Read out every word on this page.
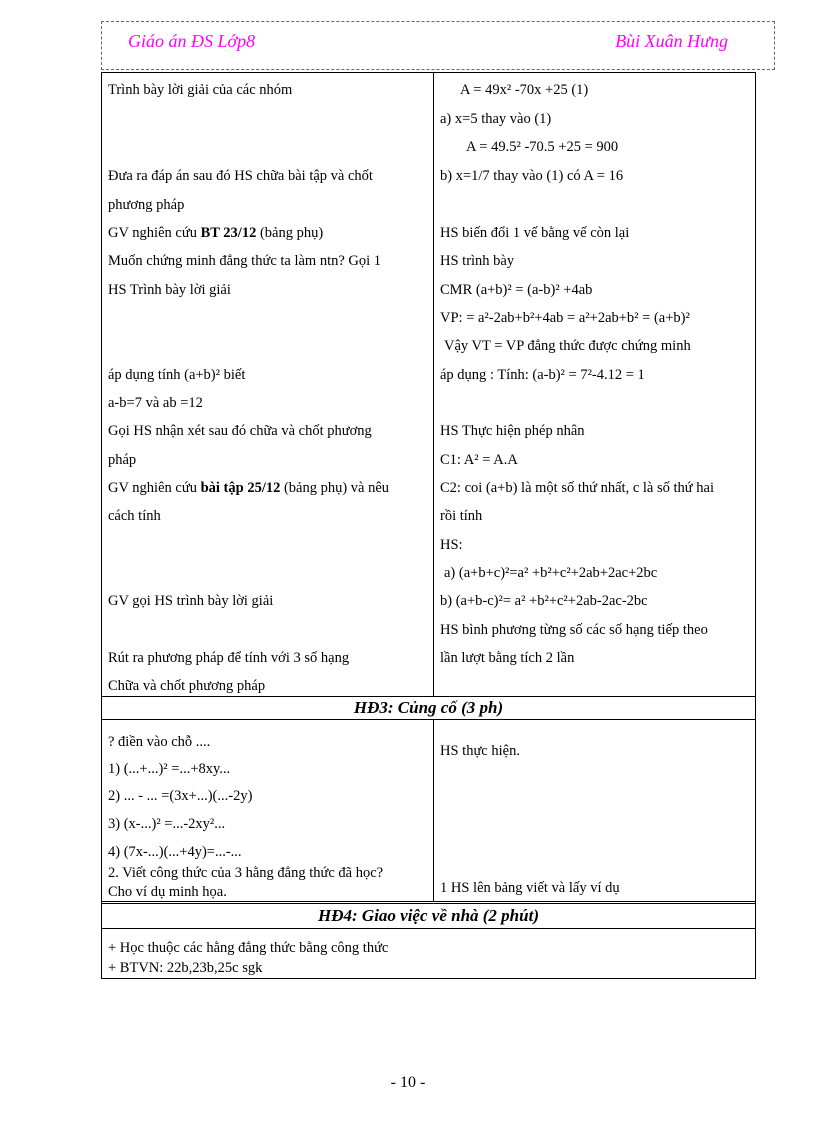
Giáo án ĐS Lớp8	Bùi Xuân Hưng
Trình bày lời giải của các nhóm
Đưa ra đáp án sau đó HS chữa bài tập và chốt
phương pháp
GV nghiên cứu BT 23/12 (bảng phụ)
Muốn chứng minh đẳng thức ta làm ntn? Gọi 1
HS Trình bày lời giải
áp dụng tính (a+b)² biết
a-b=7 và ab =12
Gọi HS nhận xét sau đó chữa và chốt phương
pháp
GV nghiên cứu bài tập 25/12 (bảng phụ) và nêu
cách tính
GV gọi HS trình bày lời giải
Rút ra phương pháp để tính với 3 số hạng
Chữa và chốt phương pháp
A = 49x² -70x +25 (1)
a) x=5 thay vào (1)
A = 49.5² -70.5 +25 = 900
b) x=1/7 thay vào (1) có A = 16
HS biến đổi 1 vế bằng vế còn lại
HS trình bày
CMR (a+b)² = (a-b)² +4ab
VP: = a²-2ab+b²+4ab = a²+2ab+b² = (a+b)²
Vậy VT = VP đẳng thức được chứng minh
áp dụng : Tính: (a-b)² = 7²-4.12 = 1
HS Thực hiện phép nhân
C1: A² = A.A
C2: coi (a+b) là một số thứ nhất, c là số thứ hai
rồi tính
HS:
a) (a+b+c)²=a² +b²+c²+2ab+2ac+2bc
b) (a+b-c)²= a² +b²+c²+2ab-2ac-2bc
HS bình phương từng số các số hạng tiếp theo
lần lượt bằng tích 2 lần
HĐ3: Củng cố (3 ph)
? điền vào chỗ ....
1) (...+...)² =...+8xy...
2) ... - ... =(3x+...)(...-2y)
3) (x-...)² =...-2xy²...
4) (7x-...)(...+4y)=...-...
2. Viết công thức của 3 hằng đẳng thức đã học?
Cho ví dụ minh họa.
HS thực hiện.
1 HS lên bảng viết và lấy ví dụ
HĐ4: Giao việc về nhà (2 phút)
+ Học thuộc các hằng đẳng thức bằng công thức
+ BTVN: 22b,23b,25c sgk
- 10 -
